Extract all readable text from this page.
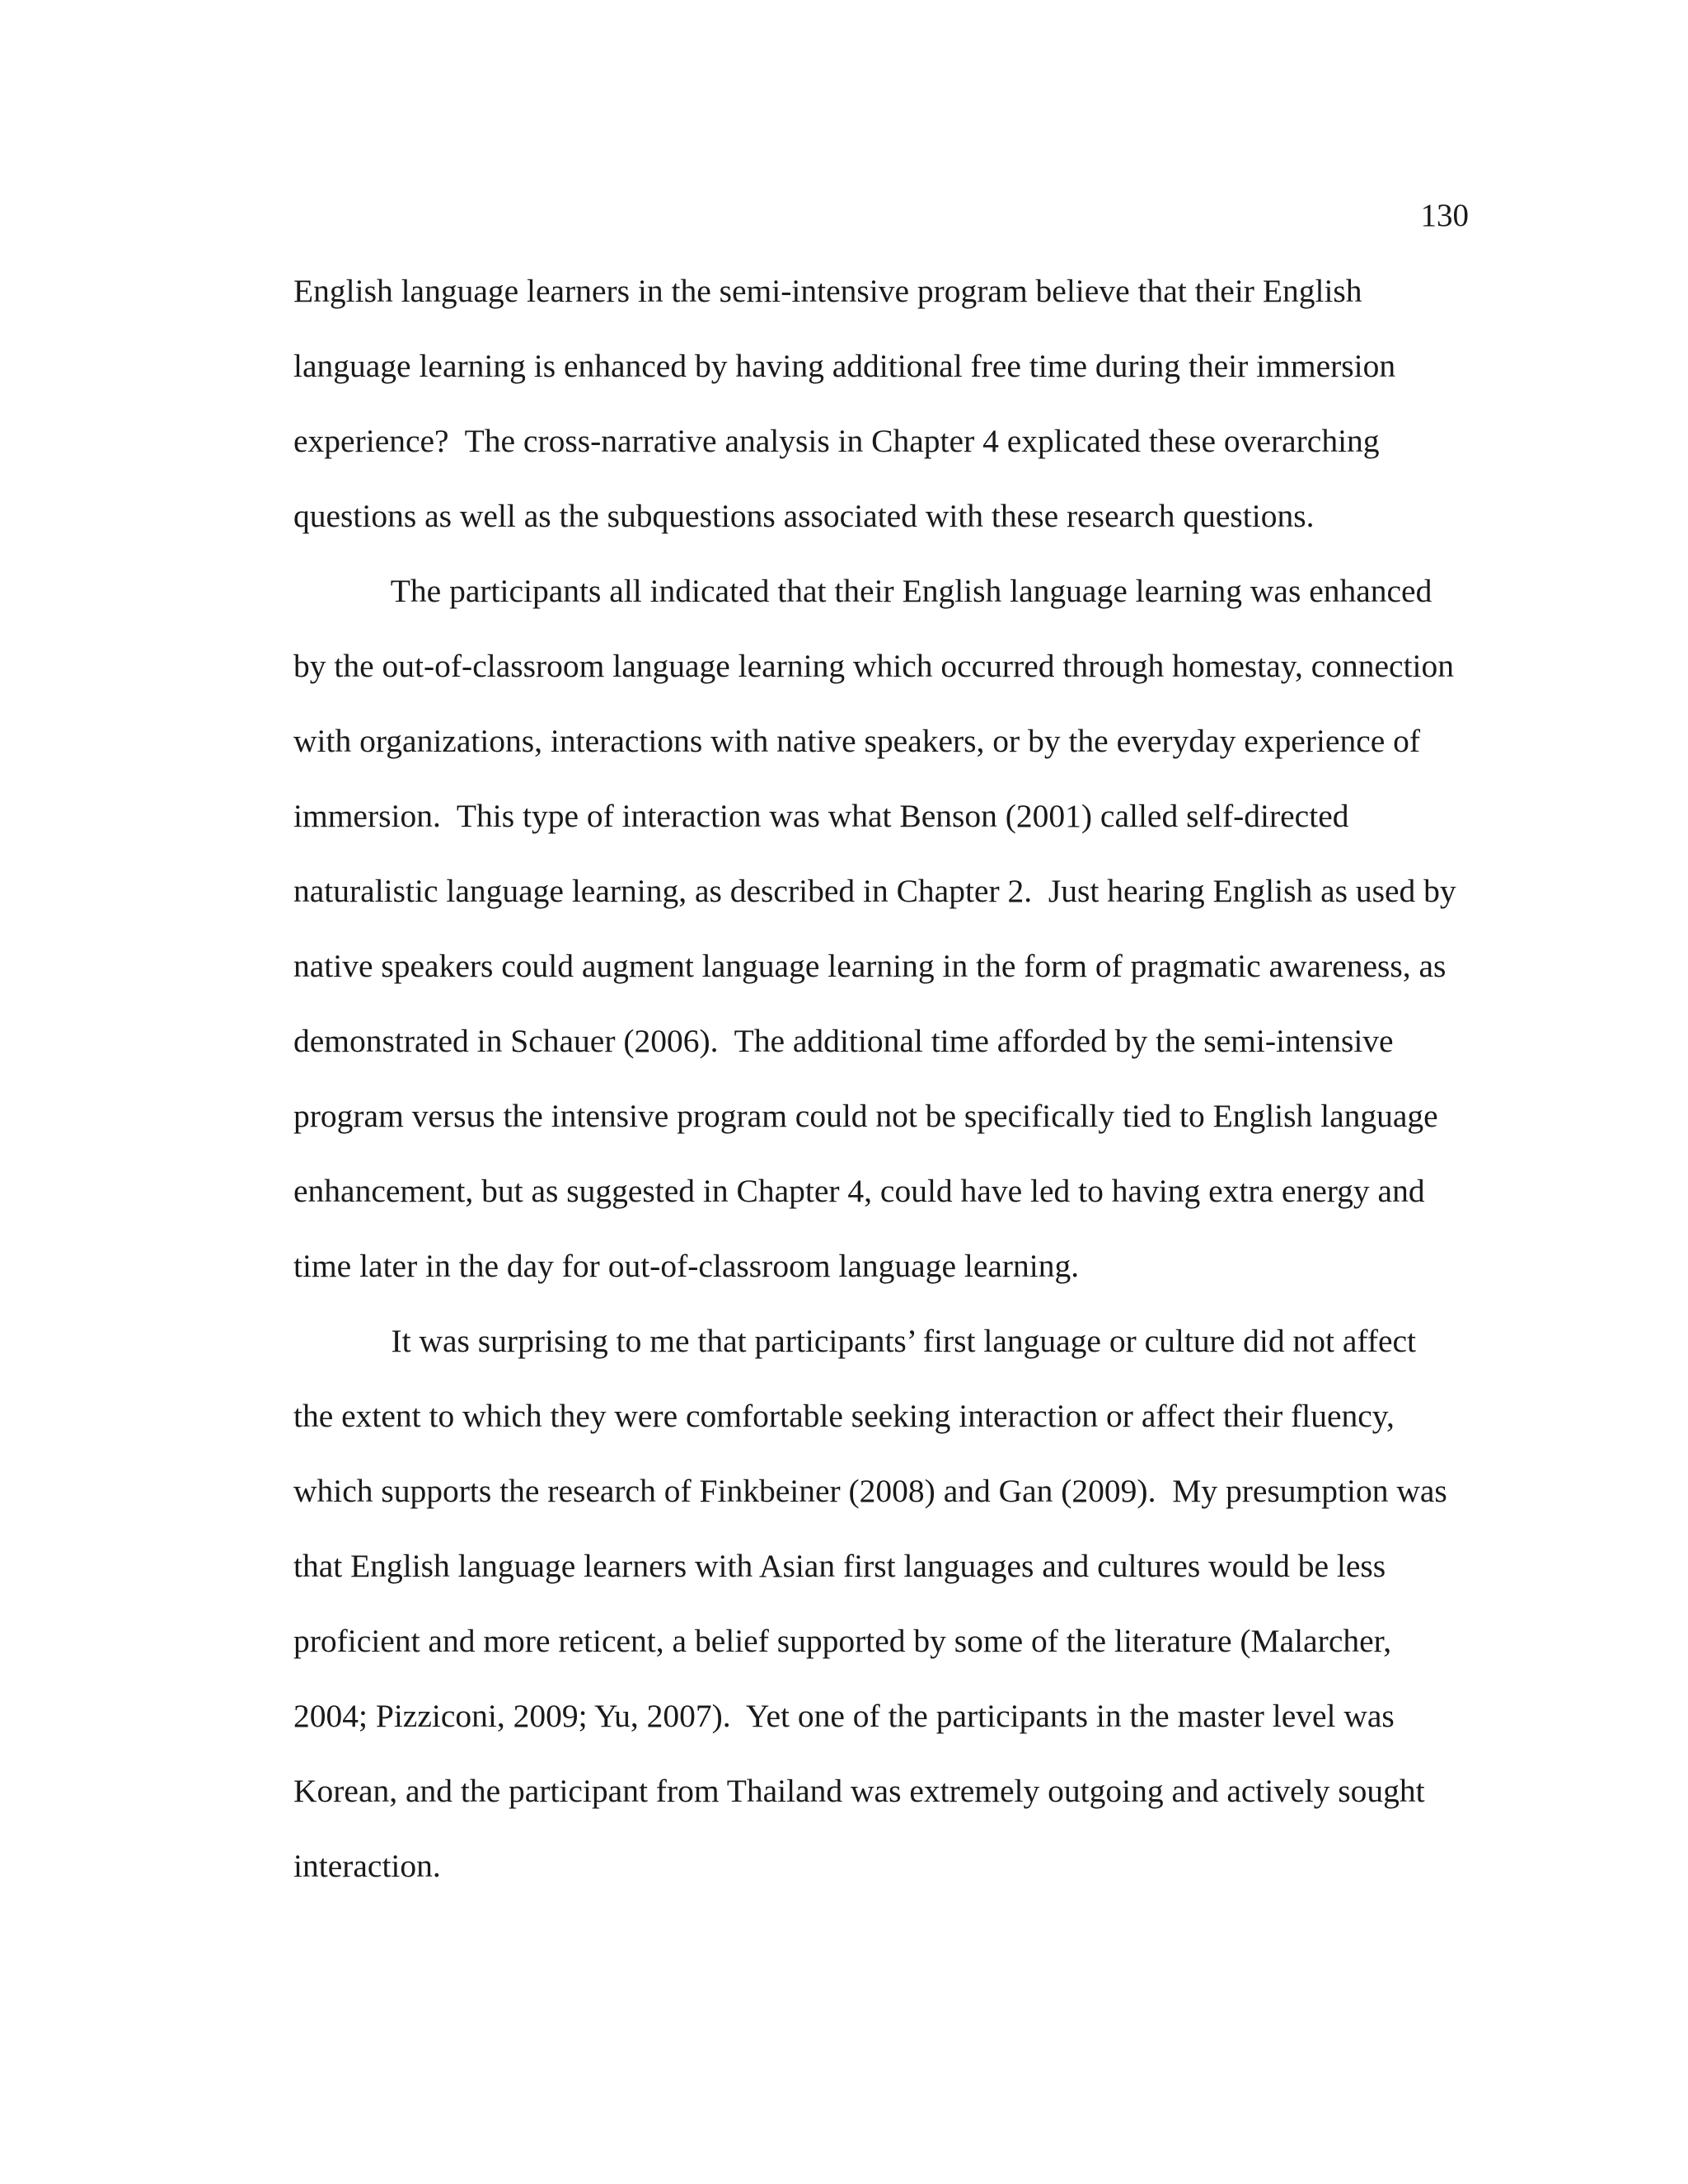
130
English language learners in the semi-intensive program believe that their English
language learning is enhanced by having additional free time during their immersion
experience?  The cross-narrative analysis in Chapter 4 explicated these overarching
questions as well as the subquestions associated with these research questions.
The participants all indicated that their English language learning was enhanced
by the out-of-classroom language learning which occurred through homestay, connection
with organizations, interactions with native speakers, or by the everyday experience of
immersion.  This type of interaction was what Benson (2001) called self-directed
naturalistic language learning, as described in Chapter 2.  Just hearing English as used by
native speakers could augment language learning in the form of pragmatic awareness, as
demonstrated in Schauer (2006).  The additional time afforded by the semi-intensive
program versus the intensive program could not be specifically tied to English language
enhancement, but as suggested in Chapter 4, could have led to having extra energy and
time later in the day for out-of-classroom language learning.
It was surprising to me that participants’ first language or culture did not affect
the extent to which they were comfortable seeking interaction or affect their fluency,
which supports the research of Finkbeiner (2008) and Gan (2009).  My presumption was
that English language learners with Asian first languages and cultures would be less
proficient and more reticent, a belief supported by some of the literature (Malarcher,
2004; Pizziconi, 2009; Yu, 2007).  Yet one of the participants in the master level was
Korean, and the participant from Thailand was extremely outgoing and actively sought
interaction.
